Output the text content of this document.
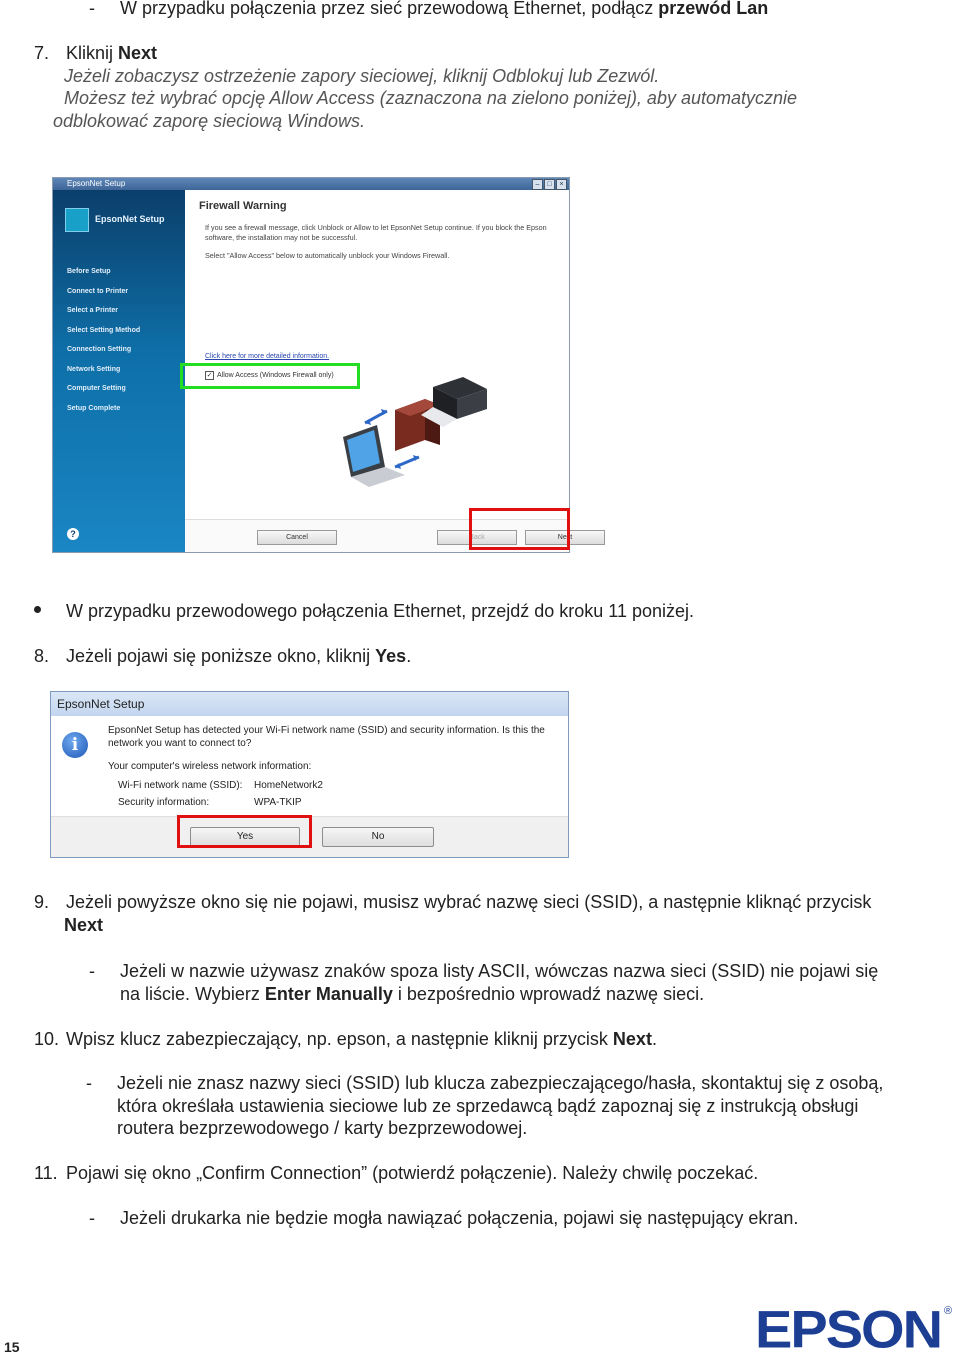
- W przypadku połączenia przez sieć przewodową Ethernet, podłącz przewód Lan
7. Kliknij Next
Jeżeli zobaczysz ostrzeżenie zapory sieciowej, kliknij Odblokuj lub Zezwól.
Możesz też wybrać opcję Allow Access (zaznaczona na zielono poniżej), aby automatycznie
odblokować zaporę sieciową Windows.
EpsonNet Setup	–	□	×
EpsonNet Setup
Before Setup
Connect to Printer
Select a Printer
Select Setting Method
Connection Setting
Network Setting
Computer Setting
Setup Complete
?
Firewall Warning
If you see a firewall message, click Unblock or Allow to let EpsonNet Setup continue. If you block the Epson software, the installation may not be successful.
Select "Allow Access" below to automatically unblock your Windows Firewall.
Click here for more detailed information.
✓ Allow Access (Windows Firewall only)
Cancel	Back	Next
W przypadku przewodowego połączenia Ethernet, przejdź do kroku 11 poniżej.
8. Jeżeli pojawi się poniższe okno, kliknij Yes.
EpsonNet Setup
i
EpsonNet Setup has detected your Wi-Fi network name (SSID) and security information. Is this the network you want to connect to?
Your computer's wireless network information:
Wi-Fi network name (SSID): HomeNetwork2
Security information:	WPA-TKIP
Yes	No
9. Jeżeli powyższe okno się nie pojawi, musisz wybrać nazwę sieci (SSID), a następnie kliknąć przycisk
Next
- Jeżeli w nazwie używasz znaków spoza listy ASCII, wówczas nazwa sieci (SSID) nie pojawi się
na liście. Wybierz Enter Manually i bezpośrednio wprowadź nazwę sieci.
10. Wpisz klucz zabezpieczający, np. epson, a następnie kliknij przycisk Next.
- Jeżeli nie znasz nazwy sieci (SSID) lub klucza zabezpieczającego/hasła, skontaktuj się z osobą,
która określała ustawienia sieciowe lub ze sprzedawcą bądź zapoznaj się z instrukcją obsługi
routera bezprzewodowego / karty bezprzewodowej.
11. Pojawi się okno „Confirm Connection” (potwierdź połączenie). Należy chwilę poczekać.
- Jeżeli drukarka nie będzie mogła nawiązać połączenia, pojawi się następujący ekran.
15	EPSON ®
